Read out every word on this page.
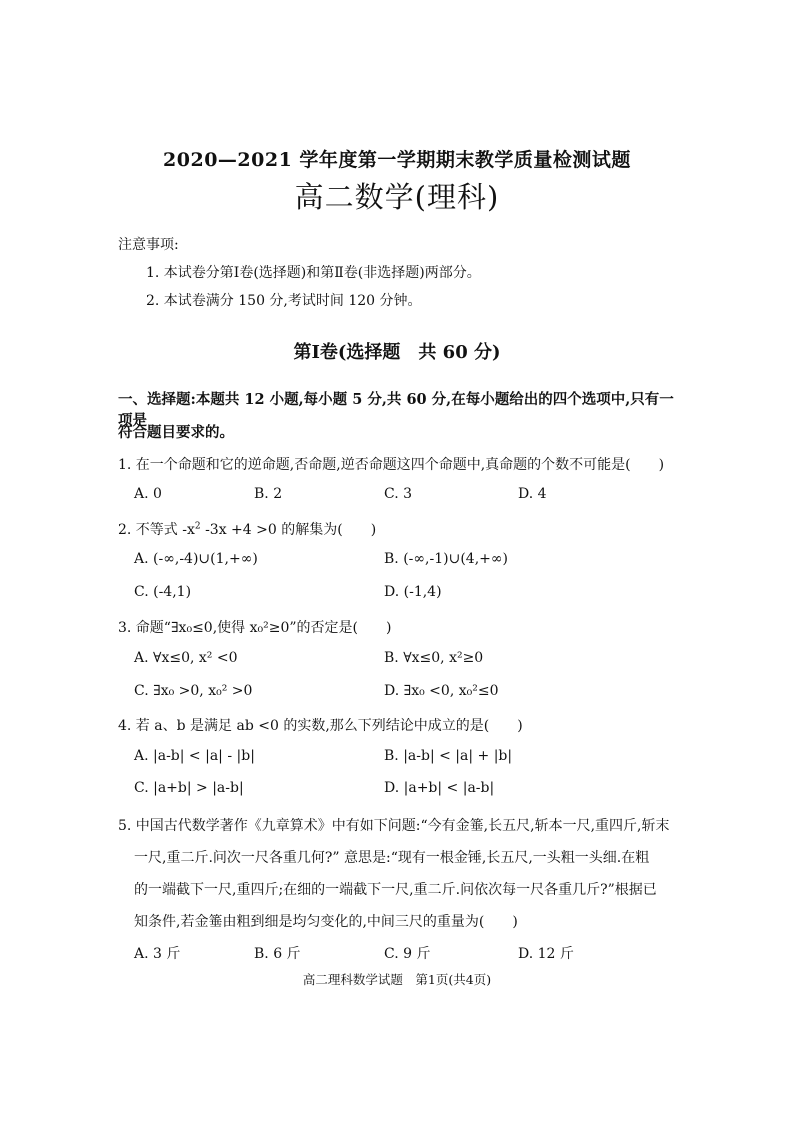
2020—2021 学年度第一学期期末教学质量检测试题
高二数学(理科)
注意事项:
1. 本试卷分第Ⅰ卷(选择题)和第Ⅱ卷(非选择题)两部分。
2. 本试卷满分 150 分,考试时间 120 分钟。
第Ⅰ卷(选择题　共 60 分)
一、选择题:本题共 12 小题,每小题 5 分,共 60 分,在每小题给出的四个选项中,只有一项是
符合题目要求的。
1. 在一个命题和它的逆命题,否命题,逆否命题这四个命题中,真命题的个数不可能是(　　)
A. 0	B. 2	C. 3	D. 4
2. 不等式 $-x^2$ -3x +4 >0 的解集为(　　)
A. (-∞,-4)∪(1,+∞)	B. (-∞,-1)∪(4,+∞)
C. (-4,1)	D. (-1,4)
3. 命题“∃x₀≤0,使得 x₀²≥0”的否定是(　　)
A. ∀x≤0, x² <0	B. ∀x≤0, x²≥0
C. ∃x₀ >0, x₀² >0	D. ∃x₀ <0, x₀²≤0
4. 若 a、b 是满足 ab <0 的实数,那么下列结论中成立的是(　　)
A. |a-b| < |a| - |b|	B. |a-b| < |a| + |b|
C. |a+b| > |a-b|	D. |a+b| < |a-b|
5. 中国古代数学著作《九章算术》中有如下问题:“今有金箠,长五尺,斩本一尺,重四斤,斩末
一尺,重二斤.问次一尺各重几何?” 意思是:“现有一根金锤,长五尺,一头粗一头细.在粗
的一端截下一尺,重四斤;在细的一端截下一尺,重二斤.问依次每一尺各重几斤?”根据已
知条件,若金箠由粗到细是均匀变化的,中间三尺的重量为(　　)
A. 3 斤	B. 6 斤	C. 9 斤	D. 12 斤
高二理科数学试题　第1页(共4页)
